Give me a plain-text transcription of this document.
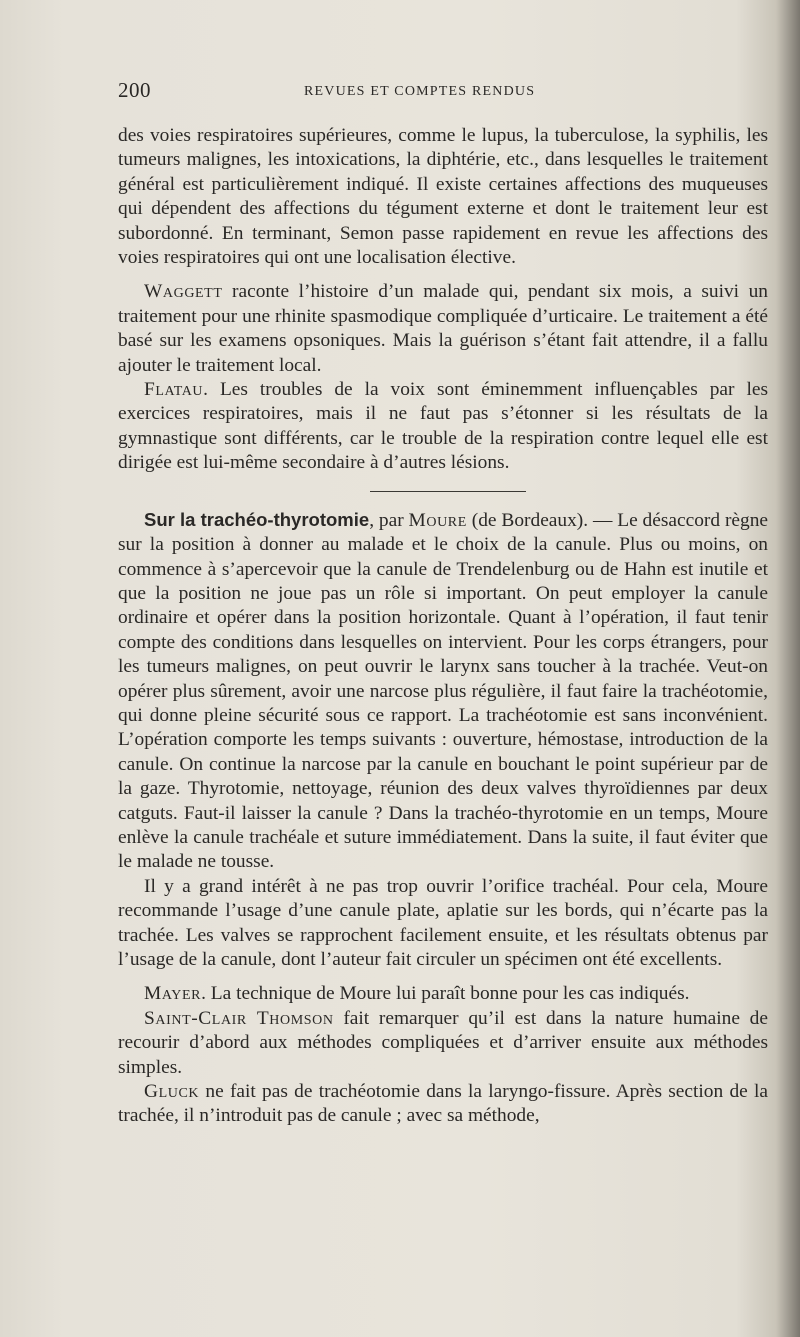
200	REVUES ET COMPTES RENDUS

des voies respiratoires supérieures, comme le lupus, la tuberculose, la syphilis, les tumeurs malignes, les intoxications, la diphtérie, etc., dans lesquelles le traitement général est particulièrement indiqué. Il existe certaines affections des muqueuses qui dépendent des affections du tégument externe et dont le traitement leur est subordonné. En terminant, Semon passe rapidement en revue les affections des voies respiratoires qui ont une localisation élective.

Waggett raconte l’histoire d’un malade qui, pendant six mois, a suivi un traitement pour une rhinite spasmodique compliquée d’urticaire. Le traitement a été basé sur les examens opsoniques. Mais la guérison s’étant fait attendre, il a fallu ajouter le traitement local.

Flatau. Les troubles de la voix sont éminemment influençables par les exercices respiratoires, mais il ne faut pas s’étonner si les résultats de la gymnastique sont différents, car le trouble de la respiration contre lequel elle est dirigée est lui-même secondaire à d’autres lésions.

Sur la trachéo-thyrotomie, par Moure (de Bordeaux). — Le désaccord règne sur la position à donner au malade et le choix de la canule. Plus ou moins, on commence à s’apercevoir que la canule de Trendelenburg ou de Hahn est inutile et que la position ne joue pas un rôle si important. On peut employer la canule ordinaire et opérer dans la position horizontale. Quant à l’opération, il faut tenir compte des conditions dans lesquelles on intervient. Pour les corps étrangers, pour les tumeurs malignes, on peut ouvrir le larynx sans toucher à la trachée. Veut-on opérer plus sûrement, avoir une narcose plus régulière, il faut faire la trachéotomie, qui donne pleine sécurité sous ce rapport. La trachéotomie est sans inconvénient. L’opération comporte les temps suivants : ouverture, hémostase, introduction de la canule. On continue la narcose par la canule en bouchant le point supérieur par de la gaze. Thyrotomie, nettoyage, réunion des deux valves thyroïdiennes par deux catguts. Faut-il laisser la canule ? Dans la trachéo-thyrotomie en un temps, Moure enlève la canule trachéale et suture immédiatement. Dans la suite, il faut éviter que le malade ne tousse.

Il y a grand intérêt à ne pas trop ouvrir l’orifice trachéal. Pour cela, Moure recommande l’usage d’une canule plate, aplatie sur les bords, qui n’écarte pas la trachée. Les valves se rapprochent facilement ensuite, et les résultats obtenus par l’usage de la canule, dont l’auteur fait circuler un spécimen ont été excellents.

Mayer. La technique de Moure lui paraît bonne pour les cas indiqués.

Saint-Clair Thomson fait remarquer qu’il est dans la nature humaine de recourir d’abord aux méthodes compliquées et d’arriver ensuite aux méthodes simples.

Gluck ne fait pas de trachéotomie dans la laryngo-fissure. Après section de la trachée, il n’introduit pas de canule ; avec sa méthode,
